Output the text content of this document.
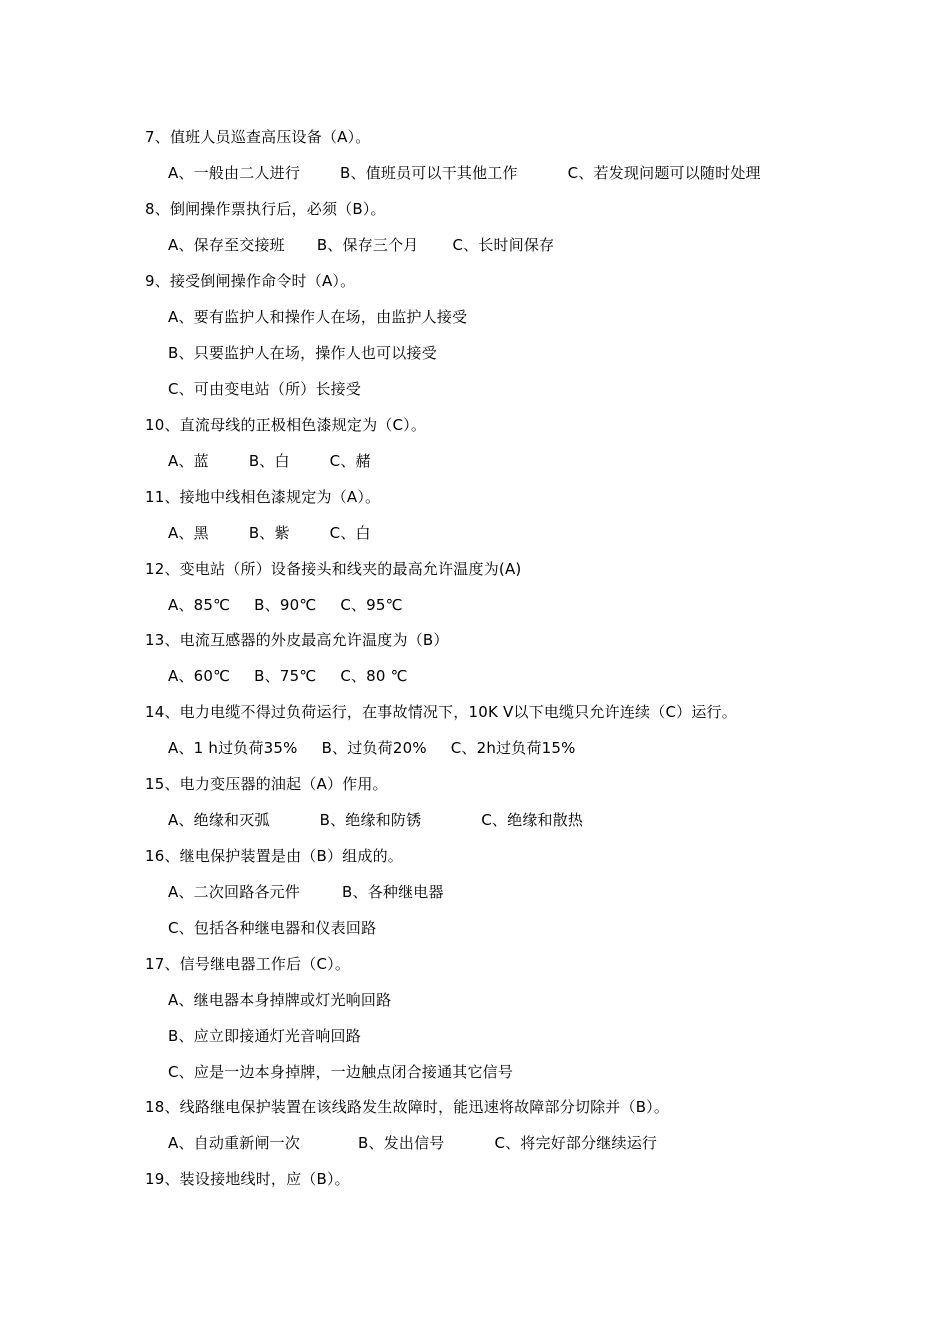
7、值班人员巡查高压设备（A）。
A、一般由二人进行	B、值班员可以干其他工作	C、若发现问题可以随时处理
8、倒闸操作票执行后，必须（B）。
A、保存至交接班 B、保存三个月 C、长时间保存
9、接受倒闸操作命令时（A）。
A、要有监护人和操作人在场，由监护人接受
B、只要监护人在场，操作人也可以接受
C、可由变电站（所）长接受
10、直流母线的正极相色漆规定为（C）。
A、蓝	B、白	C、赭
11、接地中线相色漆规定为（A）。
A、黑	B、紫	C、白
12、变电站（所）设备接头和线夹的最高允许温度为(A)
A、85℃ B、90℃ C、95℃
13、电流互感器的外皮最高允许温度为（B）
A、60℃ B、75℃ C、80 ℃
14、电力电缆不得过负荷运行，在事故情况下，10K V以下电缆只允许连续（C）运行。
A、1 h过负荷35% B、过负荷20% C、2h过负荷15%
15、电力变压器的油起（A）作用。
A、绝缘和灭弧	B、绝缘和防锈	C、绝缘和散热
16、继电保护装置是由（B）组成的。
A、二次回路各元件	B、各种继电器
C、包括各种继电器和仪表回路
17、信号继电器工作后（C）。
A、继电器本身掉牌或灯光响回路
B、应立即接通灯光音响回路
C、应是一边本身掉牌，一边触点闭合接通其它信号
18、线路继电保护装置在该线路发生故障时，能迅速将故障部分切除并（B）。
A、自动重新闸一次	B、发出信号	C、将完好部分继续运行
19、装设接地线时，应（B）。
